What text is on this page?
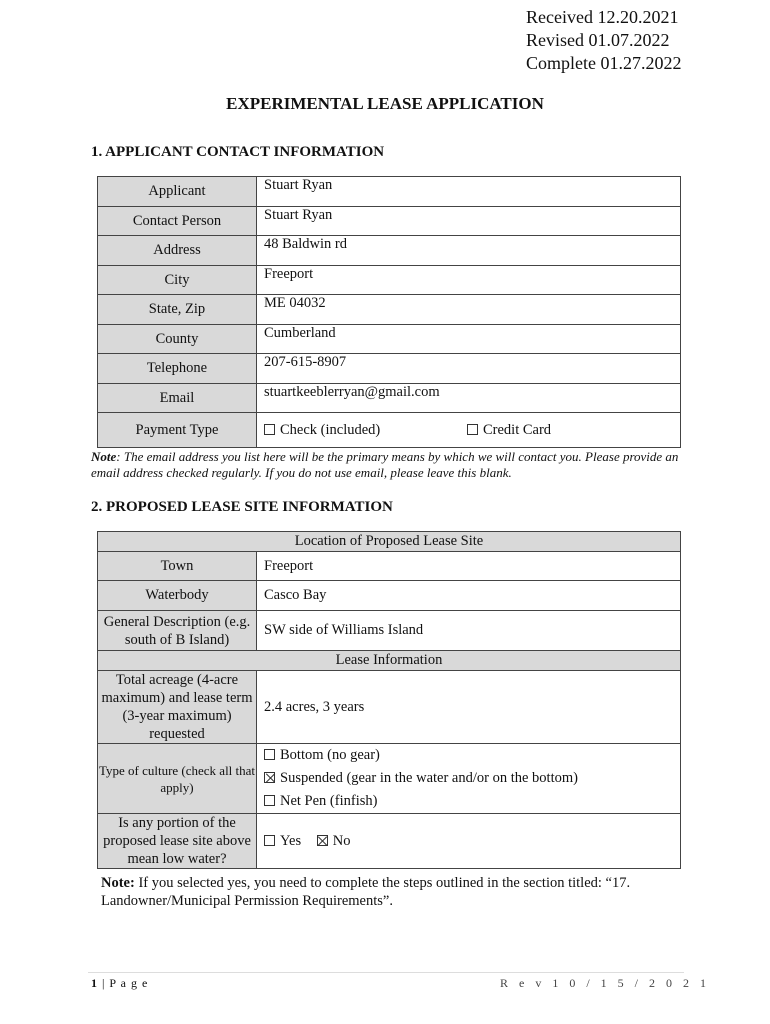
Received 12.20.2021
Revised 01.07.2022
Complete 01.27.2022
EXPERIMENTAL LEASE APPLICATION
1. APPLICANT CONTACT INFORMATION
Applicant	Stuart Ryan
Contact Person	Stuart Ryan
Address	48 Baldwin rd
City	Freeport
State, Zip	ME 04032
County	Cumberland
Telephone	207-615-8907
Email	stuartkeeblerryan@gmail.com
Payment Type	Check (included) Credit Card
Note: The email address you list here will be the primary means by which we will contact you. Please provide an email address checked regularly. If you do not use email, please leave this blank.
2. PROPOSED LEASE SITE INFORMATION
Location of Proposed Lease Site	
Town	Freeport
Waterbody	Casco Bay
General Description (e.g. south of B Island)	SW side of Williams Island
Lease Information	
Total acreage (4-acre maximum) and lease term (3-year maximum) requested	2.4 acres, 3 years
Type of culture (check all that apply)	Bottom (no gear)
Suspended (gear in the water and/or on the bottom)
Net Pen (finfish)

Is any portion of the proposed lease site above mean low water?	Yes No
Note: If you selected yes, you need to complete the steps outlined in the section titled: “17. Landowner/Municipal Permission Requirements”.
1 | P a g e	R e v 1 0 / 1 5 / 2 0 2 1
